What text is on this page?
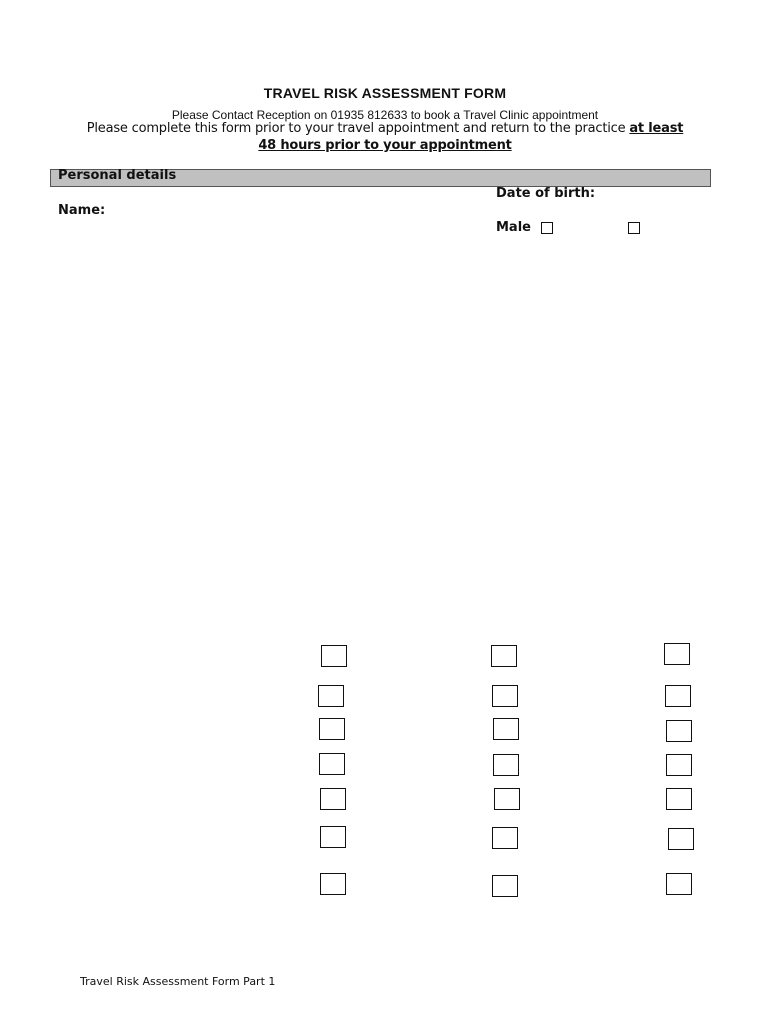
TRAVEL RISK ASSESSMENT FORM
Please Contact Reception on 01935 812633 to book a Travel Clinic appointment
Please complete this form prior to your travel appointment and return to the practice at least
48 hours prior to your appointment
Personal details
Date of birth:
Name:
Male
Travel Risk Assessment Form Part 1
